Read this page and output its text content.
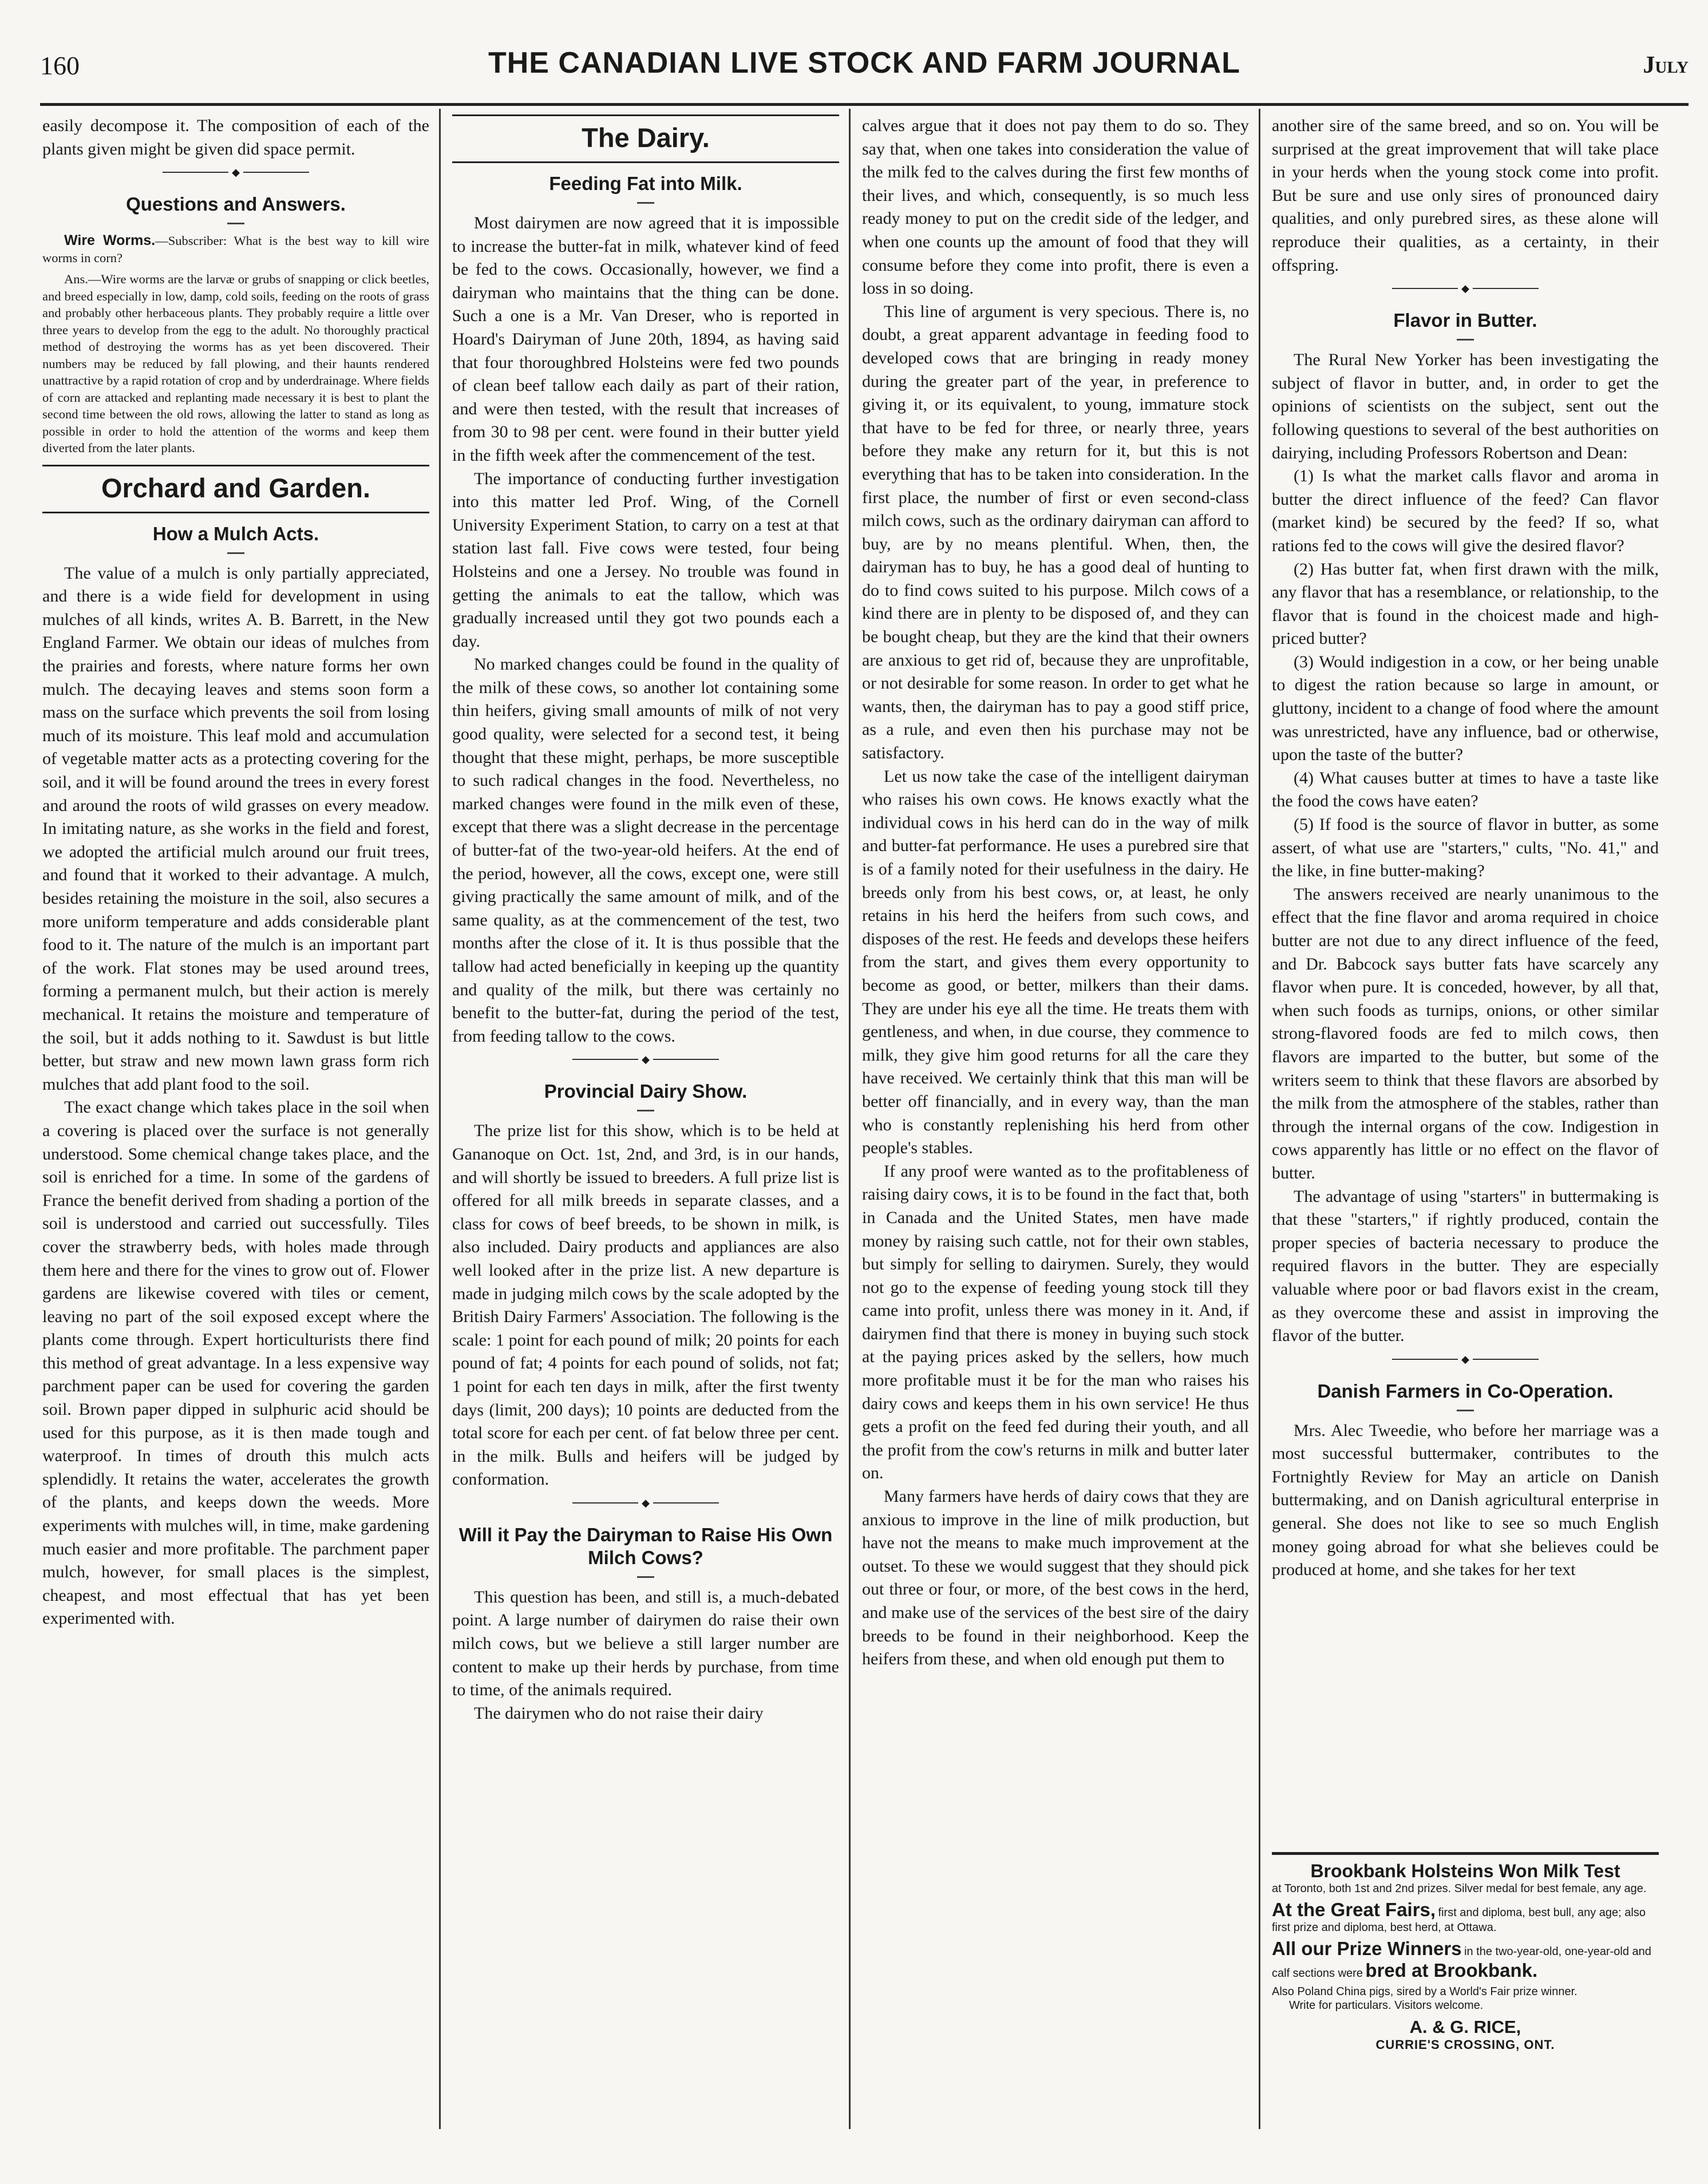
160	THE CANADIAN LIVE STOCK AND FARM JOURNAL	July

easily decompose it. The composition of each of the plants given might be given did space permit.

◆
Questions and Answers.

Wire Worms.—Subscriber: What is the best way to kill wire worms in corn?

Ans.—Wire worms are the larvæ or grubs of snapping or click beetles, and breed especially in low, damp, cold soils, feeding on the roots of grass and probably other herbaceous plants. They probably require a little over three years to develop from the egg to the adult. No thoroughly practical method of destroying the worms has as yet been discovered. Their numbers may be reduced by fall plowing, and their haunts rendered unattractive by a rapid rotation of crop and by underdrainage. Where fields of corn are attacked and replanting made necessary it is best to plant the second time between the old rows, allowing the latter to stand as long as possible in order to hold the attention of the worms and keep them diverted from the later plants.

Orchard and Garden.
How a Mulch Acts.

The value of a mulch is only partially appreciated, and there is a wide field for development in using mulches of all kinds, writes A. B. Barrett, in the New England Farmer. We obtain our ideas of mulches from the prairies and forests, where nature forms her own mulch. The decaying leaves and stems soon form a mass on the surface which prevents the soil from losing much of its moisture. This leaf mold and accumulation of vegetable matter acts as a protecting covering for the soil, and it will be found around the trees in every forest and around the roots of wild grasses on every meadow. In imitating nature, as she works in the field and forest, we adopted the artificial mulch around our fruit trees, and found that it worked to their advantage. A mulch, besides retaining the moisture in the soil, also secures a more uniform temperature and adds considerable plant food to it. The nature of the mulch is an important part of the work. Flat stones may be used around trees, forming a permanent mulch, but their action is merely mechanical. It retains the moisture and temperature of the soil, but it adds nothing to it. Sawdust is but little better, but straw and new mown lawn grass form rich mulches that add plant food to the soil.

The exact change which takes place in the soil when a covering is placed over the surface is not generally understood. Some chemical change takes place, and the soil is enriched for a time. In some of the gardens of France the benefit derived from shading a portion of the soil is understood and carried out successfully. Tiles cover the strawberry beds, with holes made through them here and there for the vines to grow out of. Flower gardens are likewise covered with tiles or cement, leaving no part of the soil exposed except where the plants come through. Expert horticulturists there find this method of great advantage. In a less expensive way parchment paper can be used for covering the garden soil. Brown paper dipped in sulphuric acid should be used for this purpose, as it is then made tough and waterproof. In times of drouth this mulch acts splendidly. It retains the water, accelerates the growth of the plants, and keeps down the weeds. More experiments with mulches will, in time, make gardening much easier and more profitable. The parchment paper mulch, however, for small places is the simplest, cheapest, and most effectual that has yet been experimented with.

The Dairy.
Feeding Fat into Milk.

Most dairymen are now agreed that it is impossible to increase the butter-fat in milk, whatever kind of feed be fed to the cows. Occasionally, however, we find a dairyman who maintains that the thing can be done. Such a one is a Mr. Van Dreser, who is reported in Hoard's Dairyman of June 20th, 1894, as having said that four thoroughbred Holsteins were fed two pounds of clean beef tallow each daily as part of their ration, and were then tested, with the result that increases of from 30 to 98 per cent. were found in their butter yield in the fifth week after the commencement of the test.

The importance of conducting further investigation into this matter led Prof. Wing, of the Cornell University Experiment Station, to carry on a test at that station last fall. Five cows were tested, four being Holsteins and one a Jersey. No trouble was found in getting the animals to eat the tallow, which was gradually increased until they got two pounds each a day.

No marked changes could be found in the quality of the milk of these cows, so another lot containing some thin heifers, giving small amounts of milk of not very good quality, were selected for a second test, it being thought that these might, perhaps, be more susceptible to such radical changes in the food. Nevertheless, no marked changes were found in the milk even of these, except that there was a slight decrease in the percentage of butter-fat of the two-year-old heifers. At the end of the period, however, all the cows, except one, were still giving practically the same amount of milk, and of the same quality, as at the commencement of the test, two months after the close of it. It is thus possible that the tallow had acted beneficially in keeping up the quantity and quality of the milk, but there was certainly no benefit to the butter-fat, during the period of the test, from feeding tallow to the cows.

◆
Provincial Dairy Show.

The prize list for this show, which is to be held at Gananoque on Oct. 1st, 2nd, and 3rd, is in our hands, and will shortly be issued to breeders. A full prize list is offered for all milk breeds in separate classes, and a class for cows of beef breeds, to be shown in milk, is also included. Dairy products and appliances are also well looked after in the prize list. A new departure is made in judging milch cows by the scale adopted by the British Dairy Farmers' Association. The following is the scale: 1 point for each pound of milk; 20 points for each pound of fat; 4 points for each pound of solids, not fat; 1 point for each ten days in milk, after the first twenty days (limit, 200 days); 10 points are deducted from the total score for each per cent. of fat below three per cent. in the milk. Bulls and heifers will be judged by conformation.

◆
Will it Pay the Dairyman to Raise His Own Milch Cows?

This question has been, and still is, a much-debated point. A large number of dairymen do raise their own milch cows, but we believe a still larger number are content to make up their herds by purchase, from time to time, of the animals required.

The dairymen who do not raise their dairy

calves argue that it does not pay them to do so. They say that, when one takes into consideration the value of the milk fed to the calves during the first few months of their lives, and which, consequently, is so much less ready money to put on the credit side of the ledger, and when one counts up the amount of food that they will consume before they come into profit, there is even a loss in so doing.

This line of argument is very specious. There is, no doubt, a great apparent advantage in feeding food to developed cows that are bringing in ready money during the greater part of the year, in preference to giving it, or its equivalent, to young, immature stock that have to be fed for three, or nearly three, years before they make any return for it, but this is not everything that has to be taken into consideration. In the first place, the number of first or even second-class milch cows, such as the ordinary dairyman can afford to buy, are by no means plentiful. When, then, the dairyman has to buy, he has a good deal of hunting to do to find cows suited to his purpose. Milch cows of a kind there are in plenty to be disposed of, and they can be bought cheap, but they are the kind that their owners are anxious to get rid of, because they are unprofitable, or not desirable for some reason. In order to get what he wants, then, the dairyman has to pay a good stiff price, as a rule, and even then his purchase may not be satisfactory.

Let us now take the case of the intelligent dairyman who raises his own cows. He knows exactly what the individual cows in his herd can do in the way of milk and butter-fat performance. He uses a purebred sire that is of a family noted for their usefulness in the dairy. He breeds only from his best cows, or, at least, he only retains in his herd the heifers from such cows, and disposes of the rest. He feeds and develops these heifers from the start, and gives them every opportunity to become as good, or better, milkers than their dams. They are under his eye all the time. He treats them with gentleness, and when, in due course, they commence to milk, they give him good returns for all the care they have received. We certainly think that this man will be better off financially, and in every way, than the man who is constantly replenishing his herd from other people's stables.

If any proof were wanted as to the profitableness of raising dairy cows, it is to be found in the fact that, both in Canada and the United States, men have made money by raising such cattle, not for their own stables, but simply for selling to dairymen. Surely, they would not go to the expense of feeding young stock till they came into profit, unless there was money in it. And, if dairymen find that there is money in buying such stock at the paying prices asked by the sellers, how much more profitable must it be for the man who raises his dairy cows and keeps them in his own service! He thus gets a profit on the feed fed during their youth, and all the profit from the cow's returns in milk and butter later on.

Many farmers have herds of dairy cows that they are anxious to improve in the line of milk production, but have not the means to make much improvement at the outset. To these we would suggest that they should pick out three or four, or more, of the best cows in the herd, and make use of the services of the best sire of the dairy breeds to be found in their neighborhood. Keep the heifers from these, and when old enough put them to

another sire of the same breed, and so on. You will be surprised at the great improvement that will take place in your herds when the young stock come into profit. But be sure and use only sires of pronounced dairy qualities, and only purebred sires, as these alone will reproduce their qualities, as a certainty, in their offspring.

◆
Flavor in Butter.

The Rural New Yorker has been investigating the subject of flavor in butter, and, in order to get the opinions of scientists on the subject, sent out the following questions to several of the best authorities on dairying, including Professors Robertson and Dean:

(1) Is what the market calls flavor and aroma in butter the direct influence of the feed? Can flavor (market kind) be secured by the feed? If so, what rations fed to the cows will give the desired flavor?

(2) Has butter fat, when first drawn with the milk, any flavor that has a resemblance, or relationship, to the flavor that is found in the choicest made and high-priced butter?

(3) Would indigestion in a cow, or her being unable to digest the ration because so large in amount, or gluttony, incident to a change of food where the amount was unrestricted, have any influence, bad or otherwise, upon the taste of the butter?

(4) What causes butter at times to have a taste like the food the cows have eaten?

(5) If food is the source of flavor in butter, as some assert, of what use are "starters," cults, "No. 41," and the like, in fine butter-making?

The answers received are nearly unanimous to the effect that the fine flavor and aroma required in choice butter are not due to any direct influence of the feed, and Dr. Babcock says butter fats have scarcely any flavor when pure. It is conceded, however, by all that, when such foods as turnips, onions, or other similar strong-flavored foods are fed to milch cows, then flavors are imparted to the butter, but some of the writers seem to think that these flavors are absorbed by the milk from the atmosphere of the stables, rather than through the internal organs of the cow. Indigestion in cows apparently has little or no effect on the flavor of butter.

The advantage of using "starters" in buttermaking is that these "starters," if rightly produced, contain the proper species of bacteria necessary to produce the required flavors in the butter. They are especially valuable where poor or bad flavors exist in the cream, as they overcome these and assist in improving the flavor of the butter.

◆
Danish Farmers in Co-Operation.

Mrs. Alec Tweedie, who before her marriage was a most successful buttermaker, contributes to the Fortnightly Review for May an article on Danish buttermaking, and on Danish agricultural enterprise in general. She does not like to see so much English money going abroad for what she believes could be produced at home, and she takes for her text

Brookbank Holsteins Won Milk Test
at Toronto, both 1st and 2nd prizes. Silver medal for best female, any age.
At the Great Fairs, first and diploma, best bull, any age; also first prize and diploma, best herd, at Ottawa.
All our Prize Winners in the two-year-old, one-year-old and calf sections were bred at Brookbank.
Also Poland China pigs, sired by a World's Fair prize winner.
Write for particulars. Visitors welcome.
A. & G. RICE,
CURRIE'S CROSSING, ONT.
